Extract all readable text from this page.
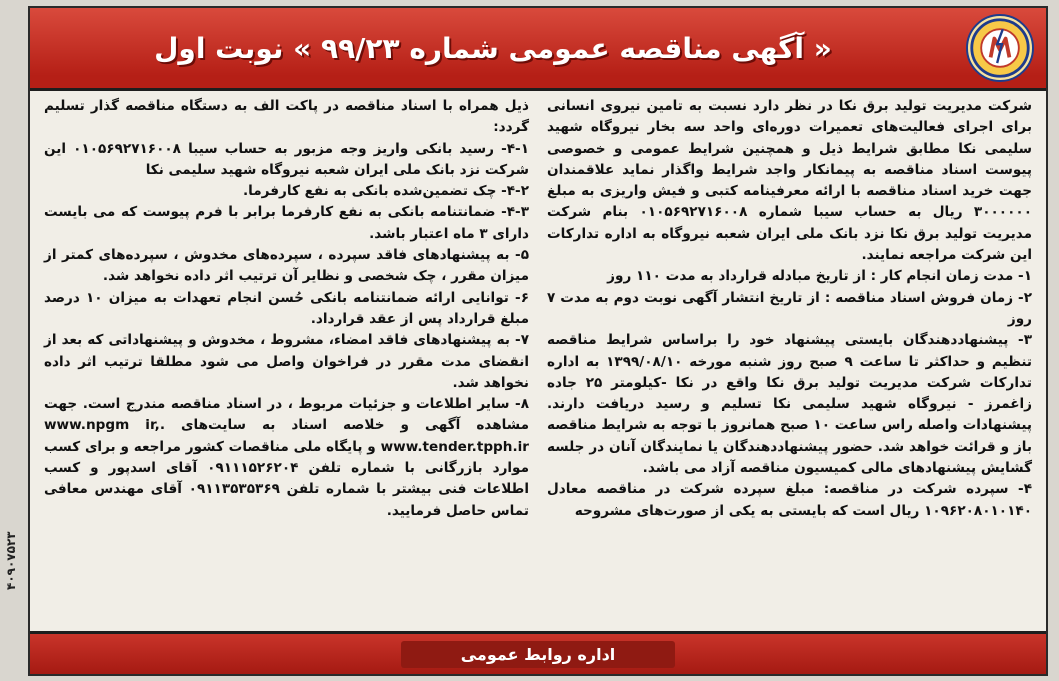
۴۰۹۰۷۵۲۳
« آگهی مناقصه عمومی شماره ۹۹/۲۳ » نوبت اول

شرکت مدیریت تولید برق نکا در نظر دارد نسبت به تامین نیروی انسانی برای اجرای فعالیت‌های تعمیرات دوره‌ای واحد سه بخار نیروگاه شهید سلیمی نکا مطابق شرایط ذیل و همچنین شرایط عمومی و خصوصی پیوست اسناد مناقصه به پیمانکار واجد شرایط واگذار نماید علاقمندان جهت خرید اسناد مناقصه با ارائه معرفینامه کتبی و فیش واریزی به مبلغ ۳۰۰۰۰۰۰ ریال به حساب سیبا شماره ۰۱۰۵۶۹۲۷۱۶۰۰۸ بنام شرکت مدیریت تولید برق نکا نزد بانک ملی ایران شعبه نیروگاه به اداره تدارکات این شرکت مراجعه نمایند.

۱- مدت زمان انجام کار : از تاریخ مبادله قرارداد به مدت ۱۱۰ روز

۲- زمان فروش اسناد مناقصه : از تاریخ انتشار آگهی نوبت دوم به مدت ۷ روز

۳- پیشنهاددهندگان بایستی پیشنهاد خود را براساس شرایط مناقصه تنظیم و حداکثر تا ساعت ۹ صبح روز شنبه مورخه ۱۳۹۹/۰۸/۱۰ به اداره تدارکات شرکت مدیریت تولید برق نکا واقع در نکا -کیلومتر ۲۵ جاده زاغمرز - نیروگاه شهید سلیمی نکا تسلیم و رسید دریافت دارند. پیشنهادات واصله راس ساعت ۱۰ صبح همانروز با توجه به شرایط مناقصه باز و قرائت خواهد شد. حضور پیشنهاددهندگان یا نمایندگان آنان در جلسه گشایش پیشنهادهای مالی کمیسیون مناقصه آزاد می باشد.

۴- سپرده شرکت در مناقصه: مبلغ سپرده شرکت در مناقصه معادل ۱۰۹۶۲۰۸۰۱۰۱۴۰ ریال است که بایستی به یکی از صورت‌های مشروحه

ذیل همراه با اسناد مناقصه در پاکت الف به دستگاه مناقصه گذار تسلیم گردد:

۴-۱- رسید بانکی واریز وجه مزبور به حساب سیبا ۰۱۰۵۶۹۲۷۱۶۰۰۸ این شرکت نزد بانک ملی ایران شعبه نیروگاه شهید سلیمی نکا

۴-۲- چک تضمین‌شده بانکی به نفع کارفرما.

۴-۳- ضمانتنامه بانکی به نفع کارفرما برابر با فرم پیوست که می بایست دارای ۳ ماه اعتبار باشد.

۵- به پیشنهادهای فاقد سپرده ، سپرده‌های مخدوش ، سپرده‌های کمتر از میزان مقرر ، چک شخصی و نظایر آن ترتیب اثر داده نخواهد شد.

۶- توانایی ارائه ضمانتنامه بانکی حُسن انجام تعهدات به میزان ۱۰ درصد مبلغ قرارداد پس از عقد قرارداد.

۷- به پیشنهادهای فاقد امضاء، مشروط ، مخدوش و پیشنهاداتی که بعد از انقضای مدت مقرر در فراخوان واصل می شود مطلقا ترتیب اثر داده نخواهد شد.

۸- سایر اطلاعات و جزئیات مربوط ، در اسناد مناقصه مندرج است. جهت مشاهده آگهی و خلاصه اسناد به سایت‌های .www.npgm ir, www.tender.tpph.ir و پایگاه ملی مناقصات کشور مراجعه و برای کسب موارد بازرگانی با شماره تلفن ۰۹۱۱۱۵۲۶۲۰۴ آقای اسدپور و کسب اطلاعات فنی بیشتر با شماره تلفن ۰۹۱۱۳۵۳۵۳۶۹ آقای مهندس معافی تماس حاصل فرمایید.

اداره روابط عمومی
